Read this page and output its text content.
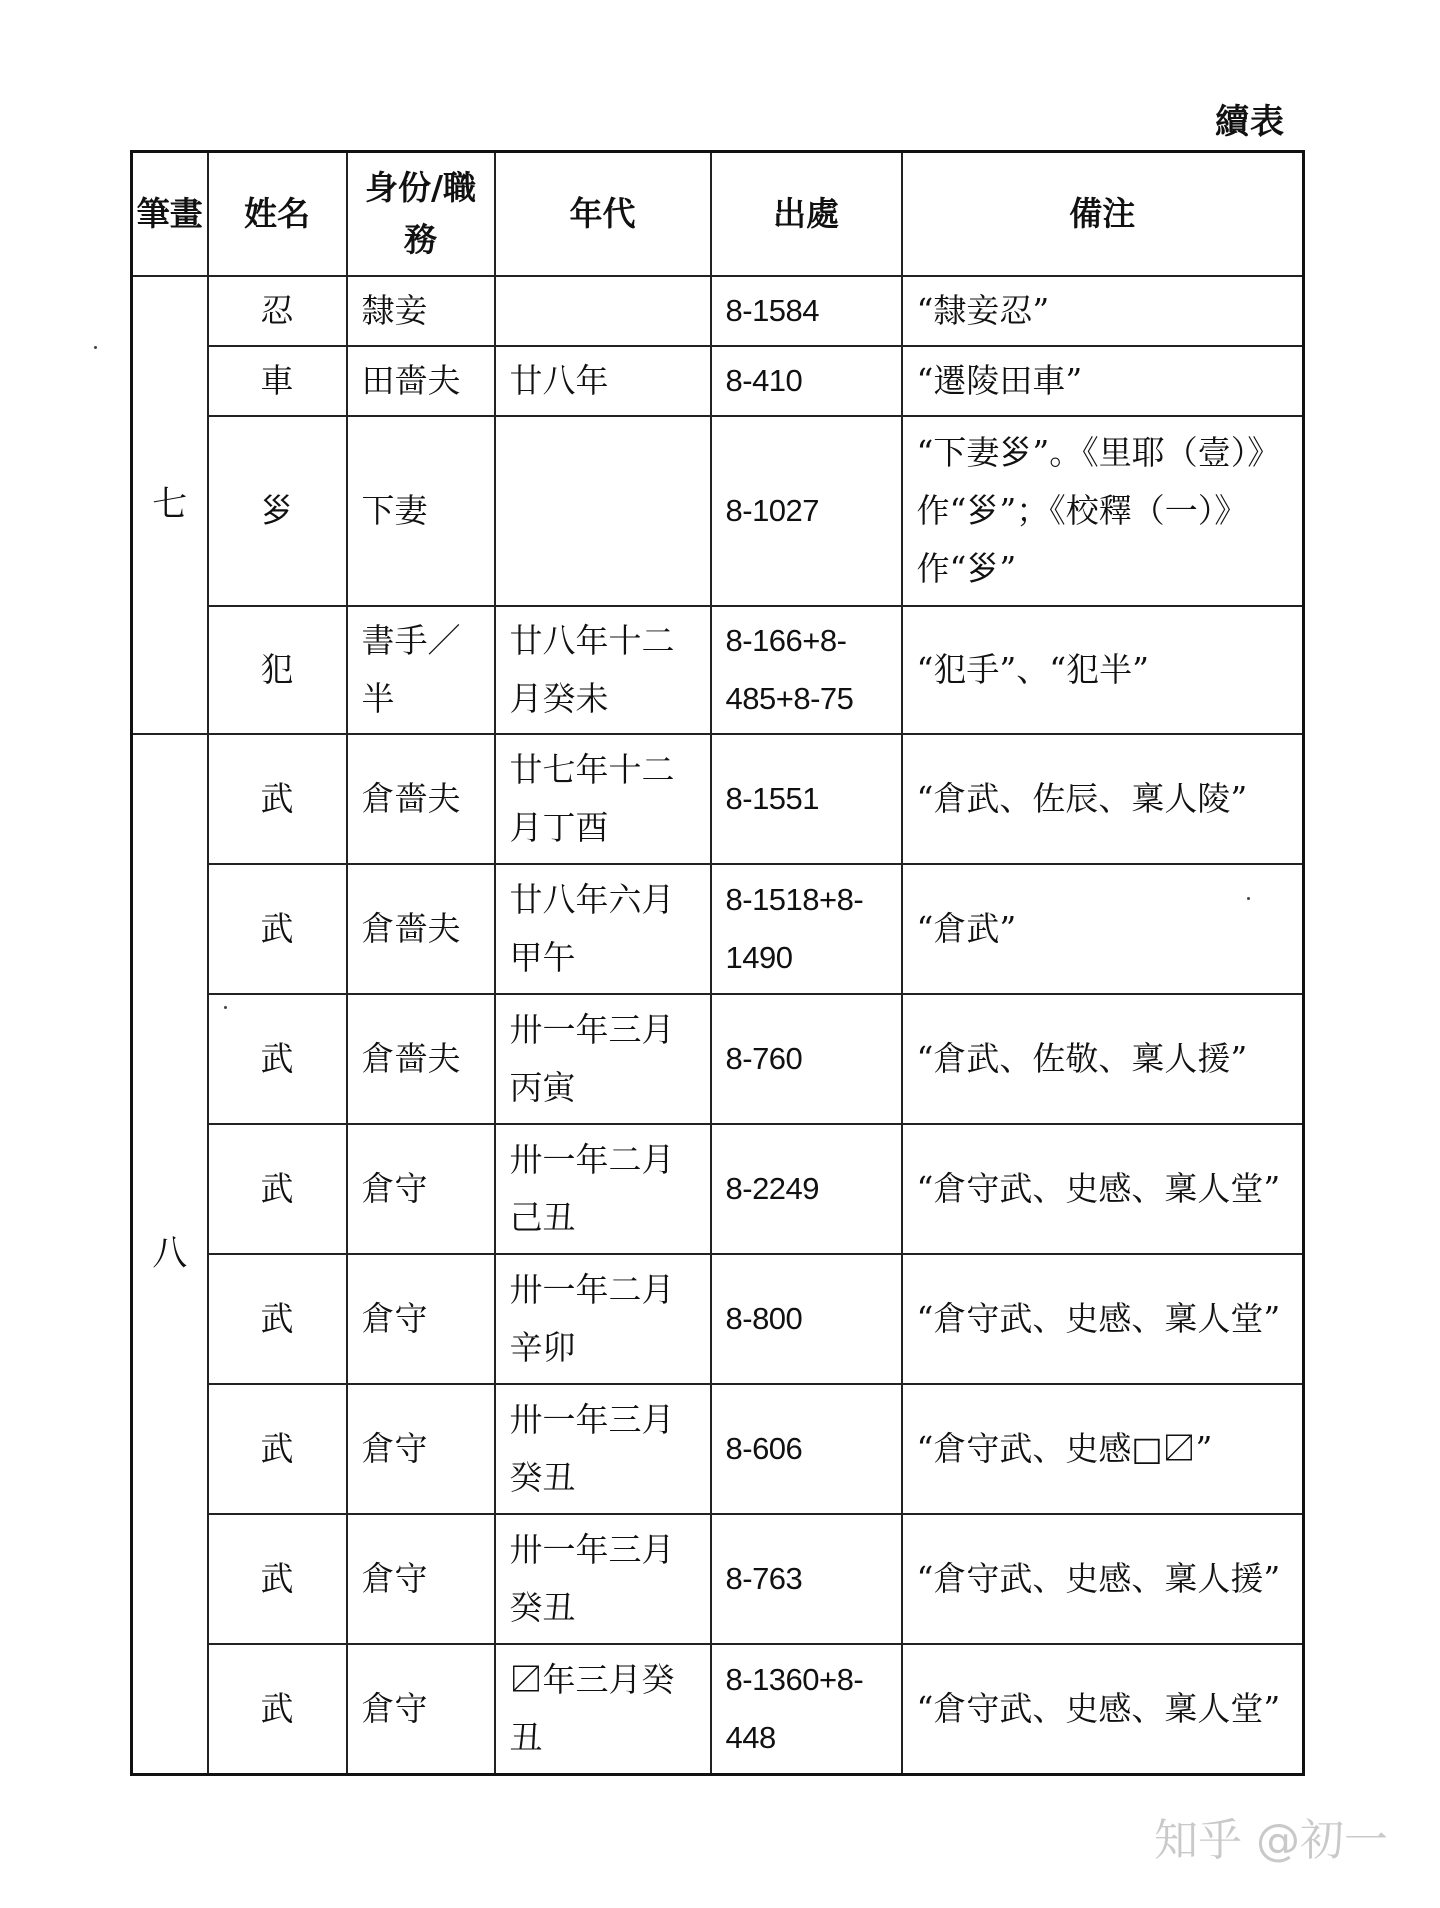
續表
筆畫	姓名	身份/職務	年代	出處	備注
七	忍	隸妾		8-1584	“隸妾忍”
	車	田嗇夫	廿八年	8-410	“遷陵田車”
	𡿪	下妻		8-1027	“下妻𡿪”。《里耶（壹）》作“𡿪”；《校釋（一）》作“𡿪”
	犯	書手／半	廿八年十二月癸未	8-166+8-485+8-75	“犯手”、“犯半”
八	武	倉嗇夫	廿七年十二月丁酉	8-1551	“倉武、佐辰、稟人陵”
	武	倉嗇夫	廿八年六月甲午	8-1518+8-1490	“倉武”
	武	倉嗇夫	卅一年三月丙寅	8-760	“倉武、佐敬、稟人援”
	武	倉守	卅一年二月己丑	8-2249	“倉守武、史感、稟人堂”
	武	倉守	卅一年二月辛卯	8-800	“倉守武、史感、稟人堂”
	武	倉守	卅一年三月癸丑	8-606	“倉守武、史感□〼”
	武	倉守	卅一年三月癸丑	8-763	“倉守武、史感、稟人援”
	武	倉守	〼年三月癸丑	8-1360+8-448	“倉守武、史感、稟人堂”
知乎 @初一
